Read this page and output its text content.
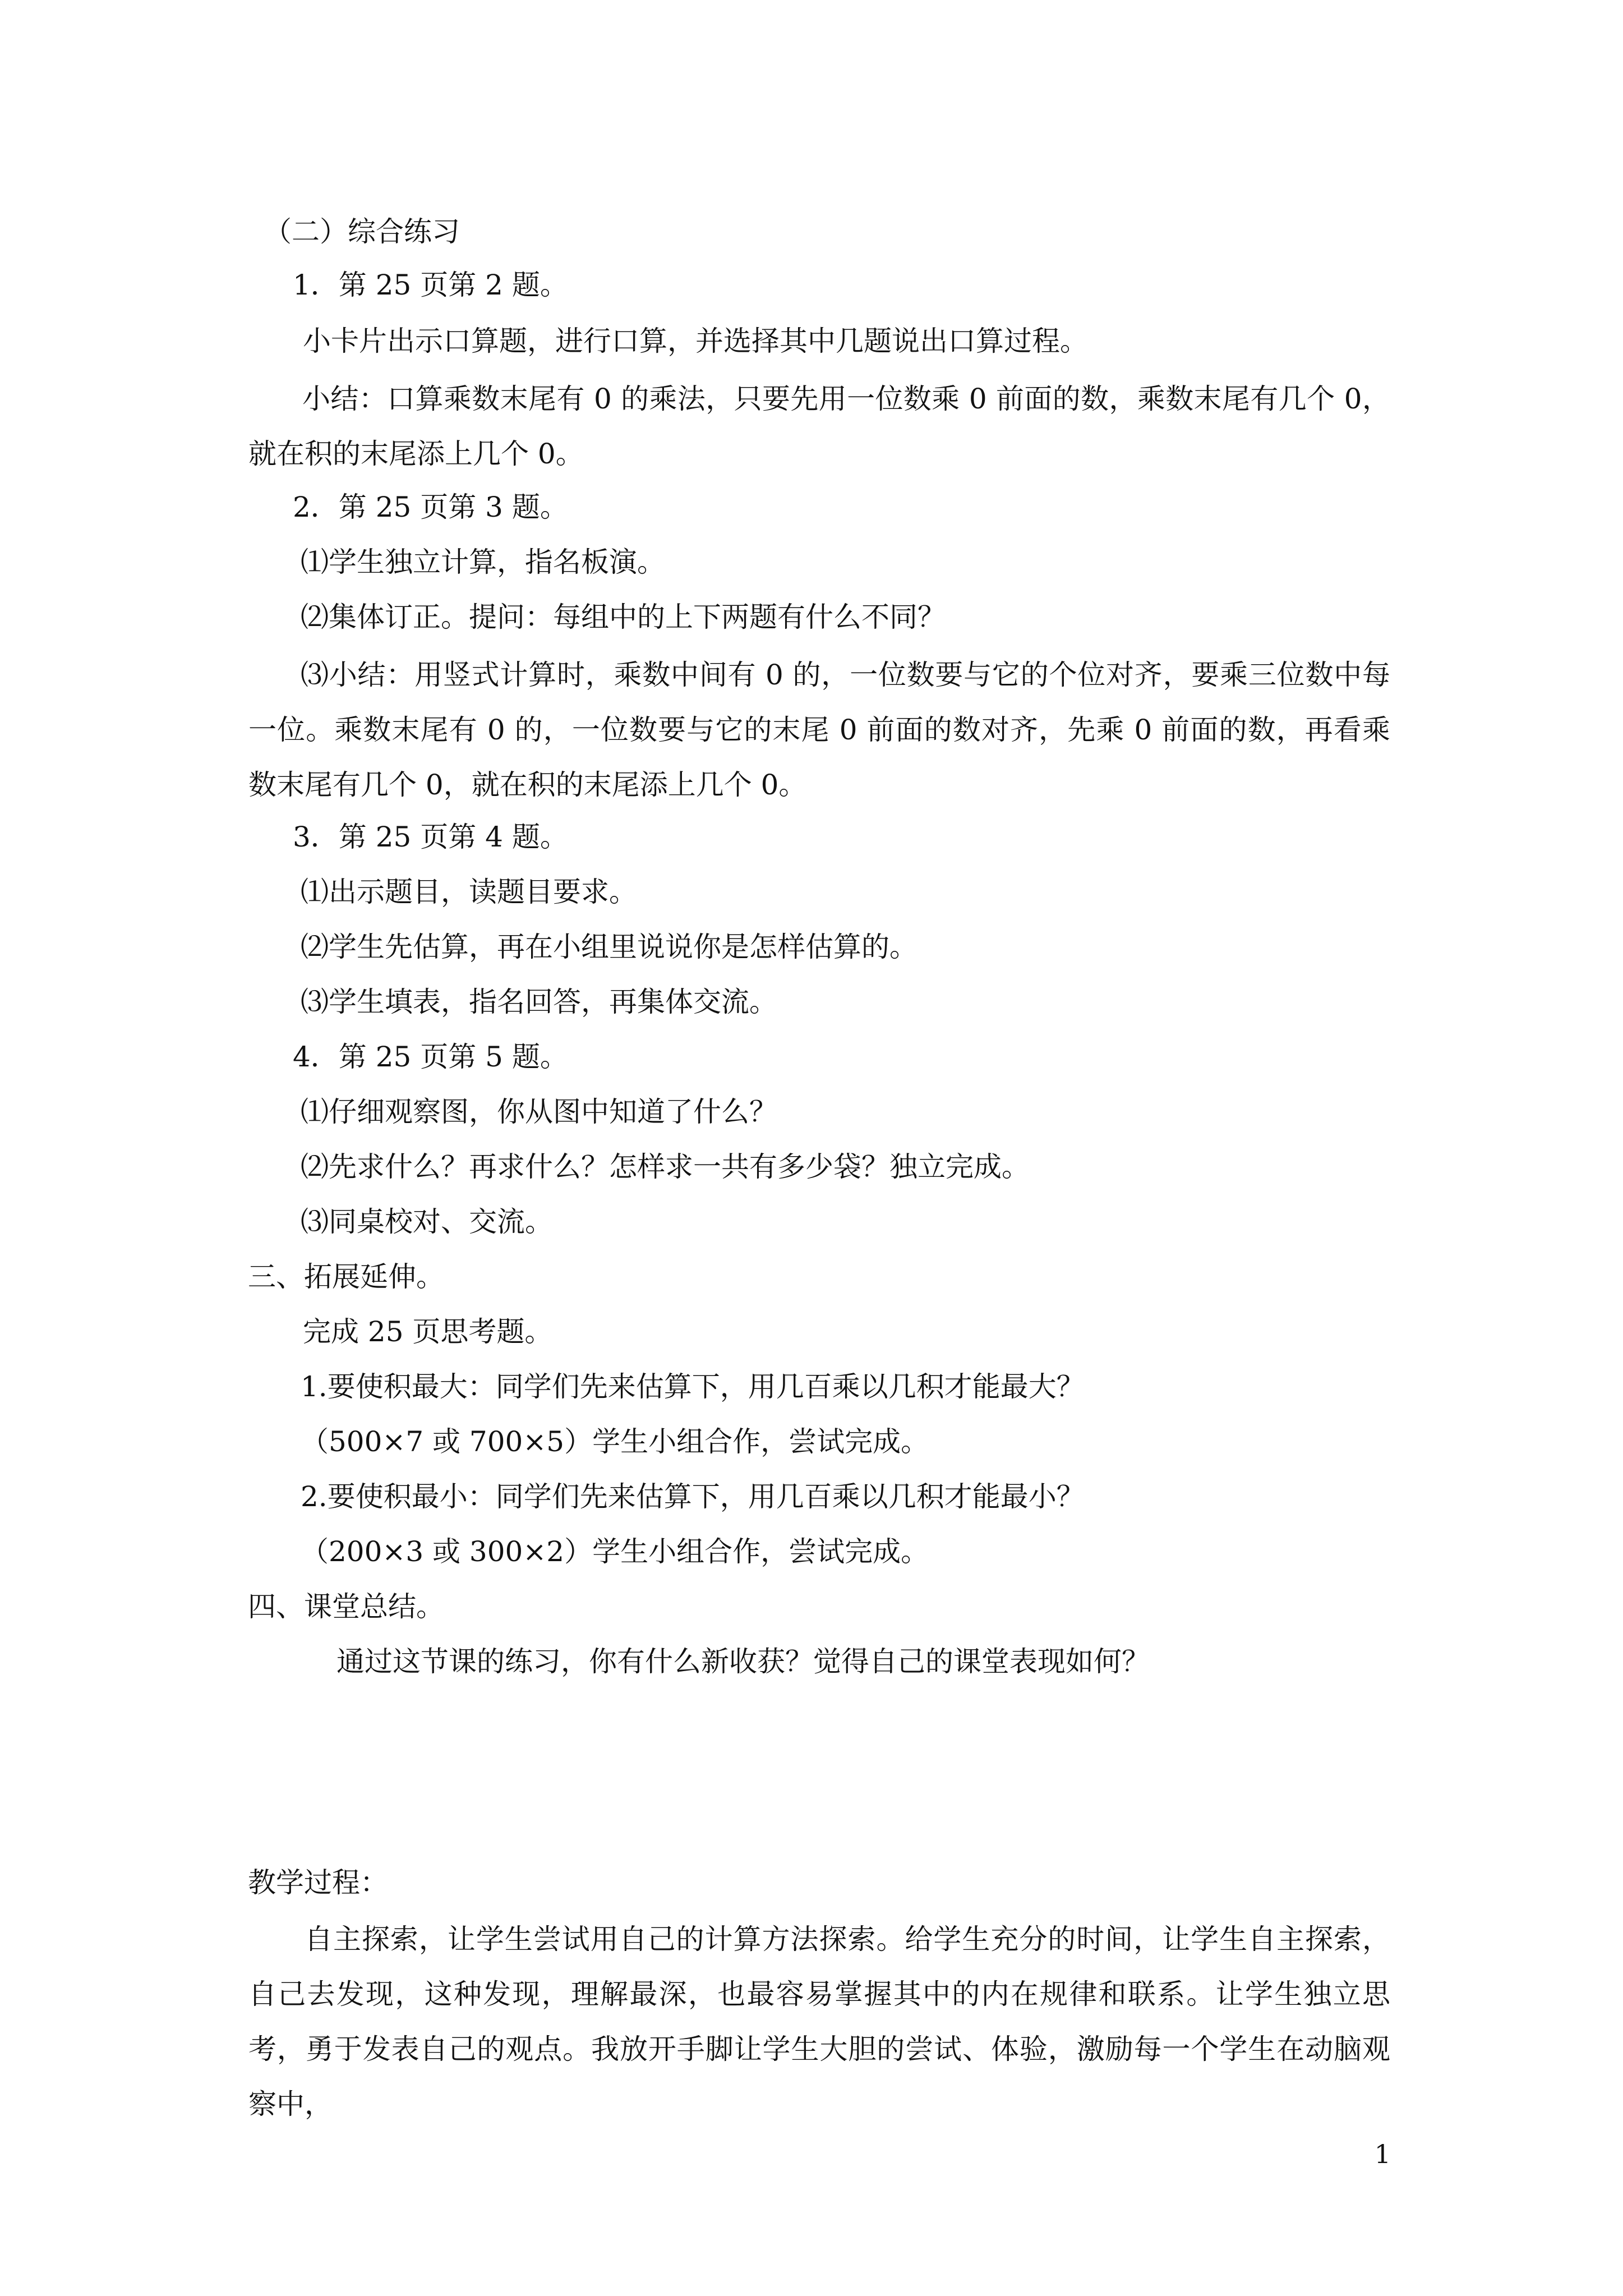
（二）综合练习

1．第 25 页第 2 题。

小卡片出示口算题，进行口算，并选择其中几题说出口算过程。

小结：口算乘数末尾有 0 的乘法，只要先用一位数乘 0 前面的数，乘数末尾有几个 0，就在积的末尾添上几个 0。

2．第 25 页第 3 题。

⑴学生独立计算，指名板演。

⑵集体订正。提问：每组中的上下两题有什么不同？

⑶小结：用竖式计算时，乘数中间有 0 的，一位数要与它的个位对齐，要乘三位数中每一位。乘数末尾有 0 的，一位数要与它的末尾 0 前面的数对齐，先乘 0 前面的数，再看乘数末尾有几个 0，就在积的末尾添上几个 0。

3．第 25 页第 4 题。

⑴出示题目，读题目要求。

⑵学生先估算，再在小组里说说你是怎样估算的。

⑶学生填表，指名回答，再集体交流。

4．第 25 页第 5 题。

⑴仔细观察图，你从图中知道了什么？

⑵先求什么？再求什么？怎样求一共有多少袋？独立完成。

⑶同桌校对、交流。

三、拓展延伸。

完成 25 页思考题。

1.要使积最大：同学们先来估算下，用几百乘以几积才能最大？

（500×7 或 700×5）学生小组合作，尝试完成。

2.要使积最小：同学们先来估算下，用几百乘以几积才能最小？

（200×3 或 300×2）学生小组合作，尝试完成。

四、课堂总结。

通过这节课的练习，你有什么新收获？觉得自己的课堂表现如何？

教学过程：

自主探索，让学生尝试用自己的计算方法探索。给学生充分的时间，让学生自主探索，自己去发现，这种发现，理解最深，也最容易掌握其中的内在规律和联系。让学生独立思考，勇于发表自己的观点。我放开手脚让学生大胆的尝试、体验，激励每一个学生在动脑观察中，

1
